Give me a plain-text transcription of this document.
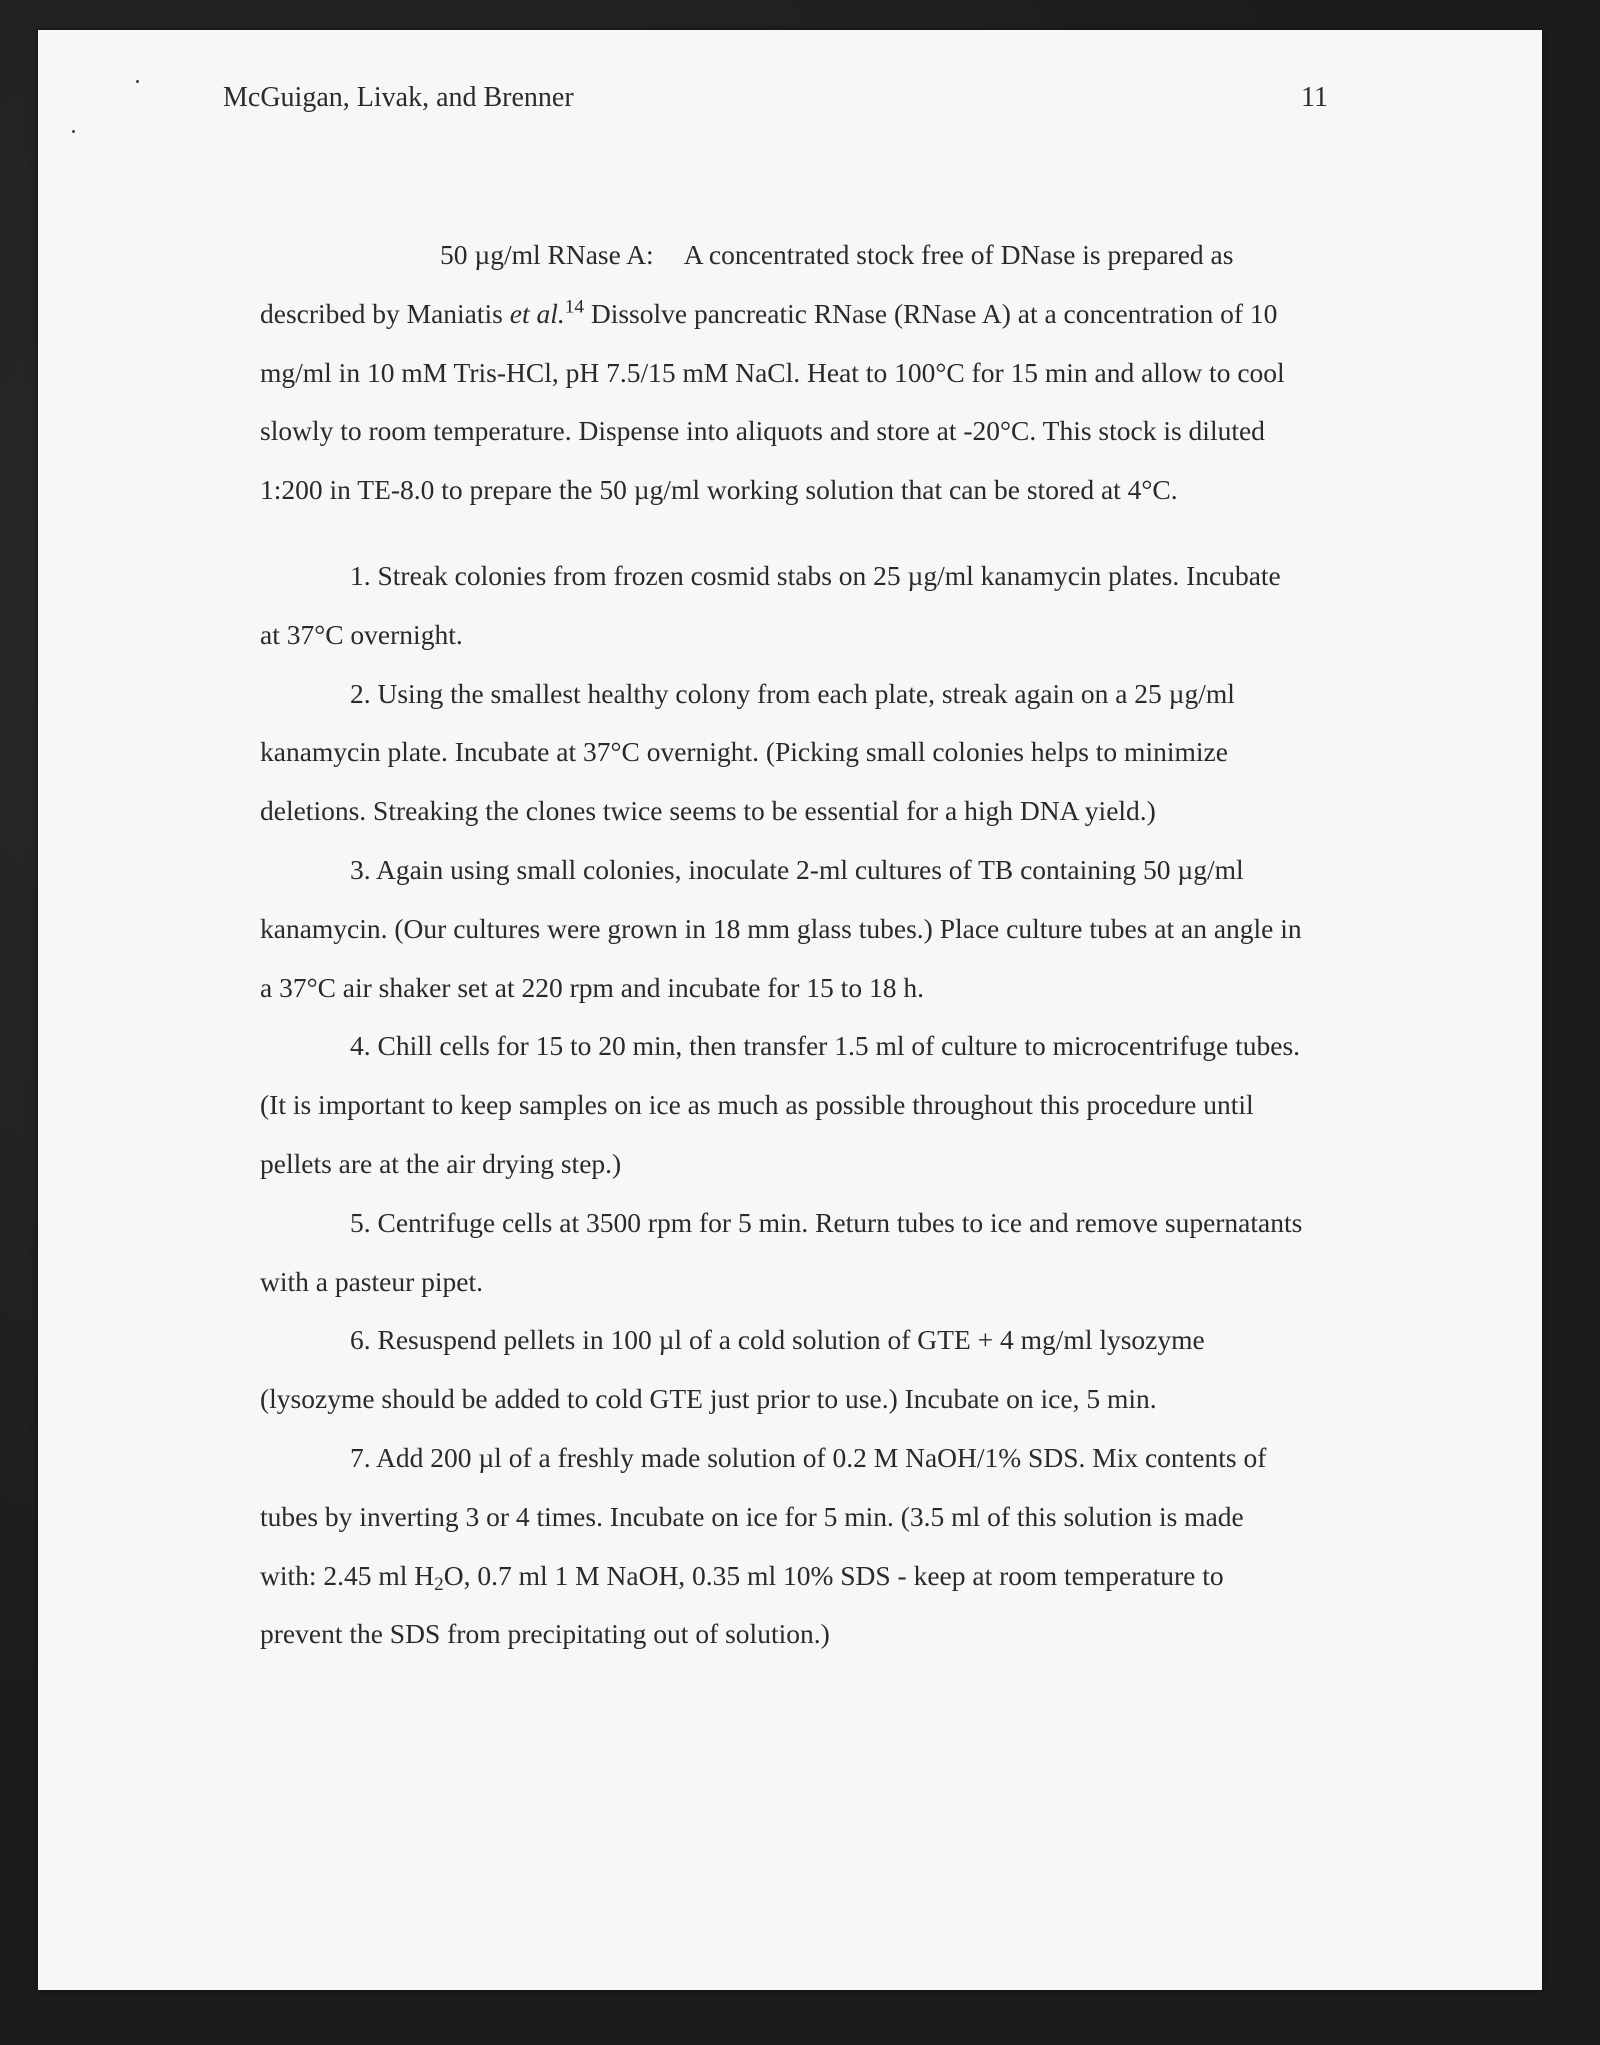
McGuigan, Livak, and Brenner	11

50 µg/ml RNase A: A concentrated stock free of DNase is prepared as described by Maniatis et al.$^{14}$ Dissolve pancreatic RNase (RNase A) at a concentration of 10 mg/ml in 10 mM Tris-HCl, pH 7.5/15 mM NaCl. Heat to 100°C for 15 min and allow to cool slowly to room temperature. Dispense into aliquots and store at -20°C. This stock is diluted 1:200 in TE-8.0 to prepare the 50 µg/ml working solution that can be stored at 4°C.

1. Streak colonies from frozen cosmid stabs on 25 µg/ml kanamycin plates. Incubate at 37°C overnight.

2. Using the smallest healthy colony from each plate, streak again on a 25 µg/ml kanamycin plate. Incubate at 37°C overnight. (Picking small colonies helps to minimize deletions. Streaking the clones twice seems to be essential for a high DNA yield.)

3. Again using small colonies, inoculate 2-ml cultures of TB containing 50 µg/ml kanamycin. (Our cultures were grown in 18 mm glass tubes.) Place culture tubes at an angle in a 37°C air shaker set at 220 rpm and incubate for 15 to 18 h.

4. Chill cells for 15 to 20 min, then transfer 1.5 ml of culture to microcentrifuge tubes. (It is important to keep samples on ice as much as possible throughout this procedure until pellets are at the air drying step.)

5. Centrifuge cells at 3500 rpm for 5 min. Return tubes to ice and remove supernatants with a pasteur pipet.

6. Resuspend pellets in 100 µl of a cold solution of GTE + 4 mg/ml lysozyme (lysozyme should be added to cold GTE just prior to use.) Incubate on ice, 5 min.

7. Add 200 µl of a freshly made solution of 0.2 M NaOH/1% SDS. Mix contents of tubes by inverting 3 or 4 times. Incubate on ice for 5 min. (3.5 ml of this solution is made with: 2.45 ml $H_2O$, 0.7 ml 1 M NaOH, 0.35 ml 10% SDS - keep at room temperature to prevent the SDS from precipitating out of solution.)
